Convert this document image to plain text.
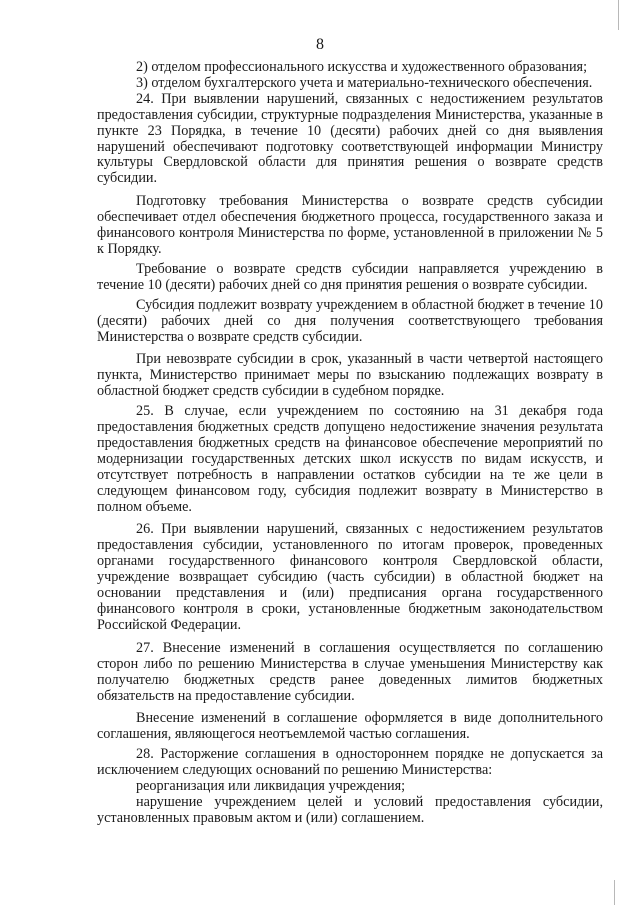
8

2) отделом профессионального искусства и художественного образования;

3) отделом бухгалтерского учета и материально-технического обеспечения.

24. При выявлении нарушений, связанных с недостижением результатов предоставления субсидии, структурные подразделения Министерства, указанные в пункте 23 Порядка, в течение 10 (десяти) рабочих дней со дня выявления нарушений обеспечивают подготовку соответствующей информации Министру культуры Свердловской области для принятия решения о возврате средств субсидии.

Подготовку требования Министерства о возврате средств субсидии обеспечивает отдел обеспечения бюджетного процесса, государственного заказа и финансового контроля Министерства по форме, установленной в приложении № 5 к Порядку.

Требование о возврате средств субсидии направляется учреждению в течение 10 (десяти) рабочих дней со дня принятия решения о возврате субсидии.

Субсидия подлежит возврату учреждением в областной бюджет в течение 10 (десяти) рабочих дней со дня получения соответствующего требования Министерства о возврате средств субсидии.

При невозврате субсидии в срок, указанный в части четвертой настоящего пункта, Министерство принимает меры по взысканию подлежащих возврату в областной бюджет средств субсидии в судебном порядке.

25. В случае, если учреждением по состоянию на 31 декабря года предоставления бюджетных средств допущено недостижение значения результата предоставления бюджетных средств на финансовое обеспечение мероприятий по модернизации государственных детских школ искусств по видам искусств, и отсутствует потребность в направлении остатков субсидии на те же цели в следующем финансовом году, субсидия подлежит возврату в Министерство в полном объеме.

26. При выявлении нарушений, связанных с недостижением результатов предоставления субсидии, установленного по итогам проверок, проведенных органами государственного финансового контроля Свердловской области, учреждение возвращает субсидию (часть субсидии) в областной бюджет на основании представления и (или) предписания органа государственного финансового контроля в сроки, установленные бюджетным законодательством Российской Федерации.

27. Внесение изменений в соглашения осуществляется по соглашению сторон либо по решению Министерства в случае уменьшения Министерству как получателю бюджетных средств ранее доведенных лимитов бюджетных обязательств на предоставление субсидии.

Внесение изменений в соглашение оформляется в виде дополнительного соглашения, являющегося неотъемлемой частью соглашения.

28. Расторжение соглашения в одностороннем порядке не допускается за исключением следующих оснований по решению Министерства:

реорганизация или ликвидация учреждения;

нарушение учреждением целей и условий предоставления субсидии, установленных правовым актом и (или) соглашением.
